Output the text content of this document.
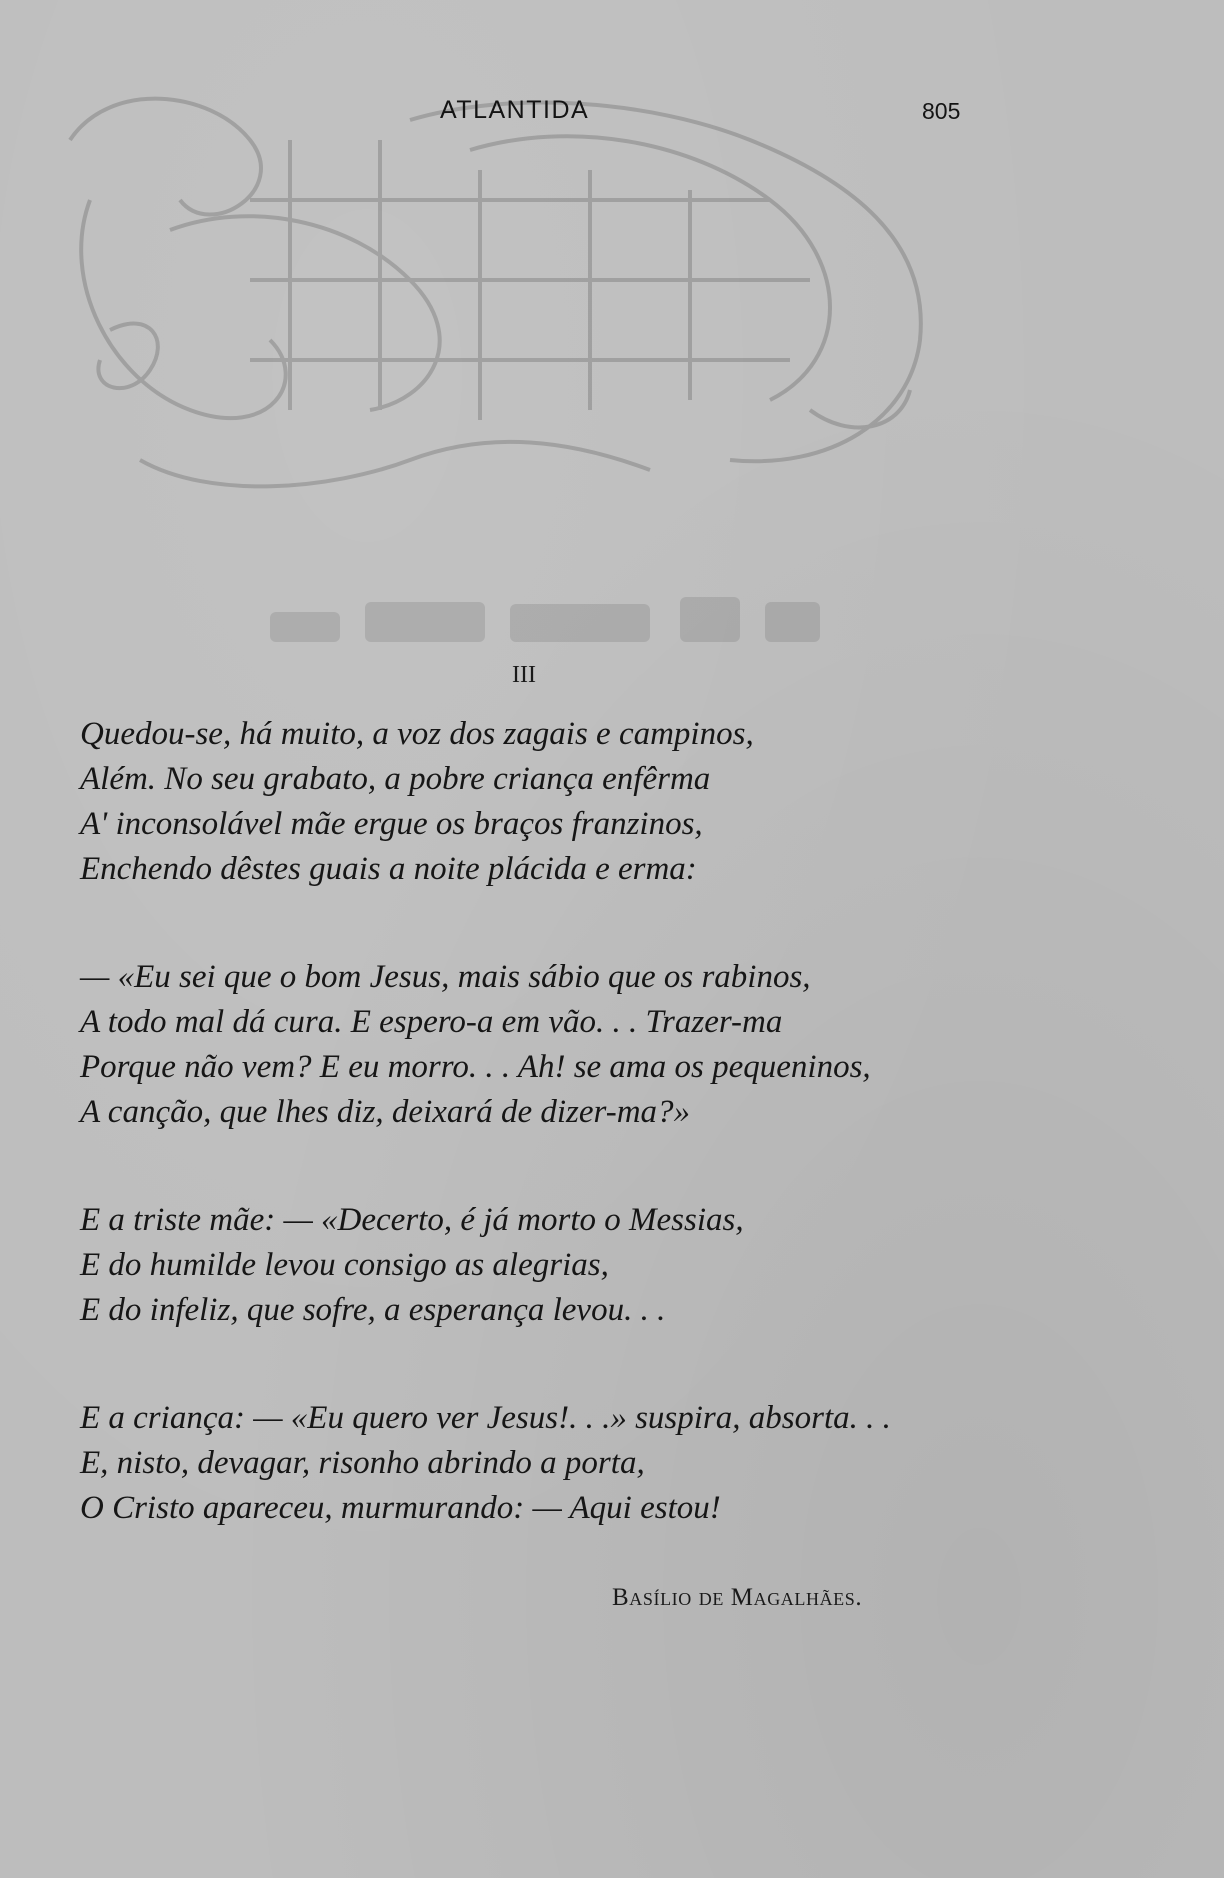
ATLANTIDA	805
III
Quedou-se, há muito, a voz dos zagais e campinos,
Além. No seu grabato, a pobre criança enfêrma
A' inconsolável mãe ergue os braços franzinos,
Enchendo dêstes guais a noite plácida e erma:
— «Eu sei que o bom Jesus, mais sábio que os rabinos,
A todo mal dá cura. E espero-a em vão. . . Trazer-ma
Porque não vem? E eu morro. . . Ah! se ama os pequeninos,
A canção, que lhes diz, deixará de dizer-ma?»
E a triste mãe: — «Decerto, é já morto o Messias,
E do humilde levou consigo as alegrias,
E do infeliz, que sofre, a esperança levou. . .
E a criança: — «Eu quero ver Jesus!. . .» suspira, absorta. . .
E, nisto, devagar, risonho abrindo a porta,
O Cristo apareceu, murmurando: — Aqui estou!
Basílio de Magalhães.
